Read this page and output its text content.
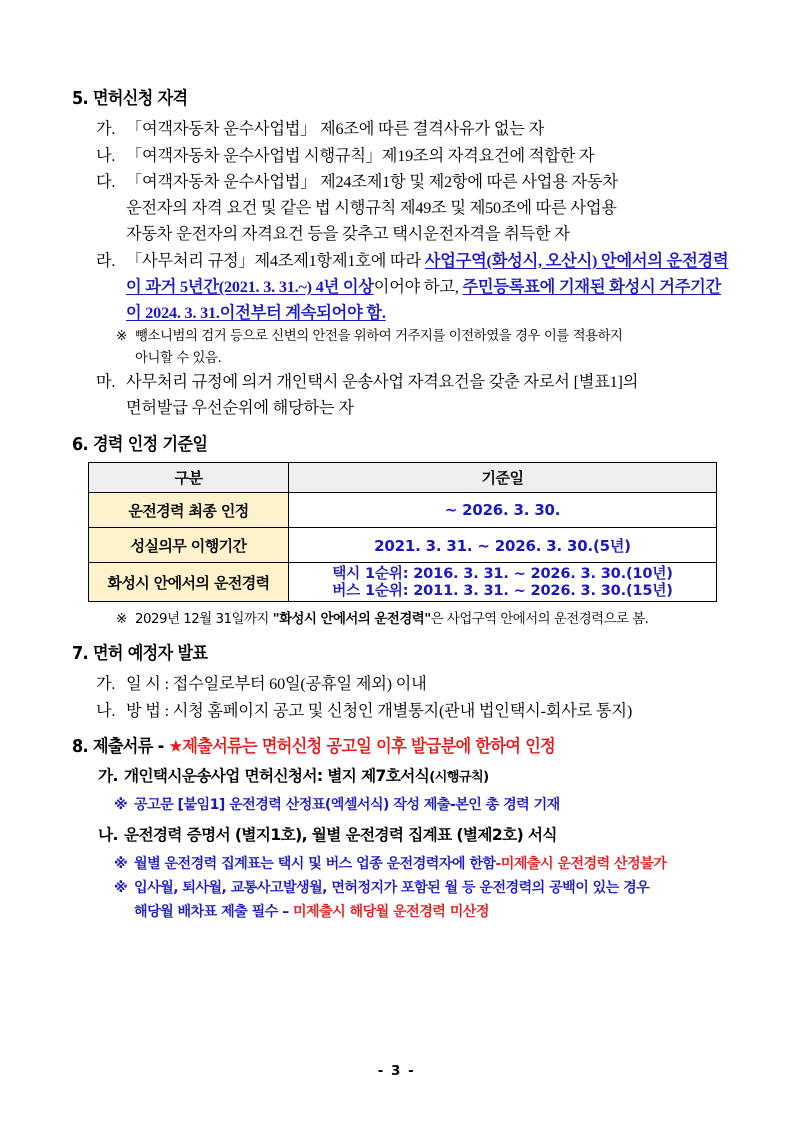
5. 면허신청 자격
가. 「여객자동차 운수사업법」 제6조에 따른 결격사유가 없는 자
나. 「여객자동차 운수사업법 시행규칙」제19조의 자격요건에 적합한 자
다. 「여객자동차 운수사업법」 제24조제1항 및 제2항에 따른 사업용 자동차
운전자의 자격 요건 및 같은 법 시행규칙 제49조 및 제50조에 따른 사업용
자동차 운전자의 자격요건 등을 갖추고 택시운전자격을 취득한 자
라. 「사무처리 규정」제4조제1항제1호에 따라 사업구역(화성시, 오산시) 안에서의 운전경력이 과거 5년간(2021. 3. 31.~) 4년 이상이어야 하고, 주민등록표에 기재된 화성시 거주기간이 2024. 3. 31.이전부터 계속되어야 함.
※ 뺑소니범의 검거 등으로 신변의 안전을 위하여 거주지를 이전하였을 경우 이를 적용하지
아니할 수 있음.
마. 사무처리 규정에 의거 개인택시 운송사업 자격요건을 갖춘 자로서 [별표1]의
면허발급 우선순위에 해당하는 자
6. 경력 인정 기준일
구분	기준일
운전경력 최종 인정	~ 2026. 3. 30.
성실의무 이행기간	2021. 3. 31. ~ 2026. 3. 30.(5년)
화성시 안에서의 운전경력	택시 1순위: 2016. 3. 31. ~ 2026. 3. 30.(10년)
버스 1순위: 2011. 3. 31. ~ 2026. 3. 30.(15년)
※ 2029년 12월 31일까지 "화성시 안에서의 운전경력"은 사업구역 안에서의 운전경력으로 봄.
7. 면허 예정자 발표
가. 일 시 : 접수일로부터 60일(공휴일 제외) 이내
나. 방 법 : 시청 홈페이지 공고 및 신청인 개별통지(관내 법인택시-회사로 통지)
8. 제출서류 - ★제출서류는 면허신청 공고일 이후 발급분에 한하여 인정
가. 개인택시운송사업 면허신청서: 별지 제7호서식(시행규칙)
※ 공고문 [붙임1] 운전경력 산정표(엑셀서식) 작성 제출-본인 총 경력 기재
나. 운전경력 증명서 (별지1호), 월별 운전경력 집계표 (별제2호) 서식
※ 월별 운전경력 집계표는 택시 및 버스 업종 운전경력자에 한함-미제출시 운전경력 산정불가
※ 입사월, 퇴사월, 교통사고발생월, 면허정지가 포함된 월 등 운전경력의 공백이 있는 경우
해당월 배차표 제출 필수 – 미제출시 해당월 운전경력 미산정
- 3 -
